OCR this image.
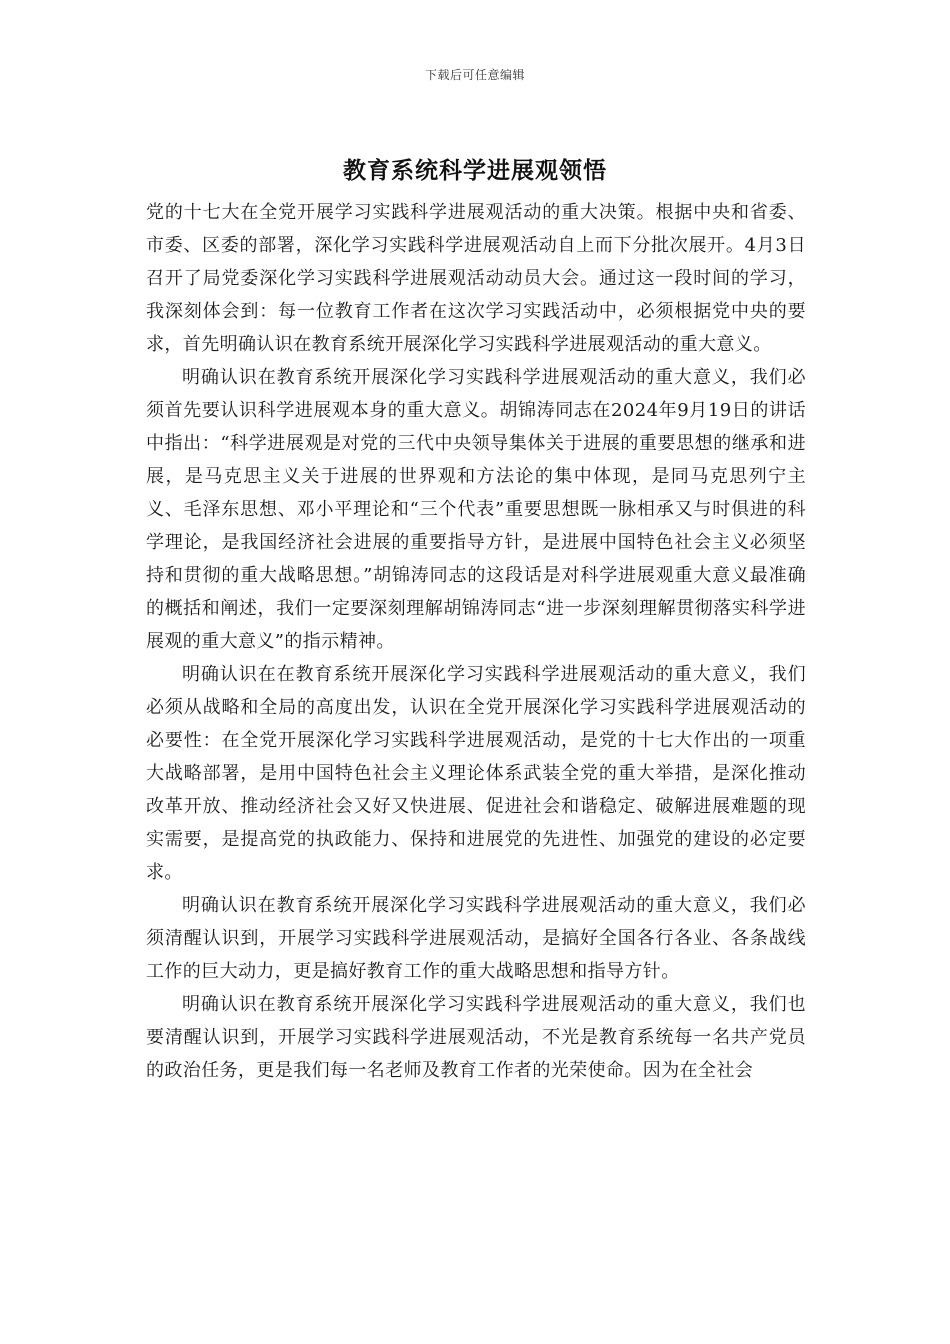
下载后可任意编辑
教育系统科学进展观领悟

党的十七大在全党开展学习实践科学进展观活动的重大决策。根据中央和省委、市委、区委的部署，深化学习实践科学进展观活动自上而下分批次展开。4月3日召开了局党委深化学习实践科学进展观活动动员大会。通过这一段时间的学习，我深刻体会到：每一位教育工作者在这次学习实践活动中，必须根据党中央的要求，首先明确认识在教育系统开展深化学习实践科学进展观活动的重大意义。

明确认识在教育系统开展深化学习实践科学进展观活动的重大意义，我们必须首先要认识科学进展观本身的重大意义。胡锦涛同志在2024年9月19日的讲话中指出：“科学进展观是对党的三代中央领导集体关于进展的重要思想的继承和进展，是马克思主义关于进展的世界观和方法论的集中体现，是同马克思列宁主义、毛泽东思想、邓小平理论和“三个代表”重要思想既一脉相承又与时俱进的科学理论，是我国经济社会进展的重要指导方针，是进展中国特色社会主义必须坚持和贯彻的重大战略思想。”胡锦涛同志的这段话是对科学进展观重大意义最准确的概括和阐述，我们一定要深刻理解胡锦涛同志“进一步深刻理解贯彻落实科学进展观的重大意义”的指示精神。

明确认识在在教育系统开展深化学习实践科学进展观活动的重大意义，我们必须从战略和全局的高度出发，认识在全党开展深化学习实践科学进展观活动的必要性：在全党开展深化学习实践科学进展观活动，是党的十七大作出的一项重大战略部署，是用中国特色社会主义理论体系武装全党的重大举措，是深化推动改革开放、推动经济社会又好又快进展、促进社会和谐稳定、破解进展难题的现实需要，是提高党的执政能力、保持和进展党的先进性、加强党的建设的必定要求。

明确认识在教育系统开展深化学习实践科学进展观活动的重大意义，我们必须清醒认识到，开展学习实践科学进展观活动，是搞好全国各行各业、各条战线工作的巨大动力，更是搞好教育工作的重大战略思想和指导方针。

明确认识在教育系统开展深化学习实践科学进展观活动的重大意义，我们也要清醒认识到，开展学习实践科学进展观活动，不光是教育系统每一名共产党员的政治任务，更是我们每一名老师及教育工作者的光荣使命。因为在全社会
